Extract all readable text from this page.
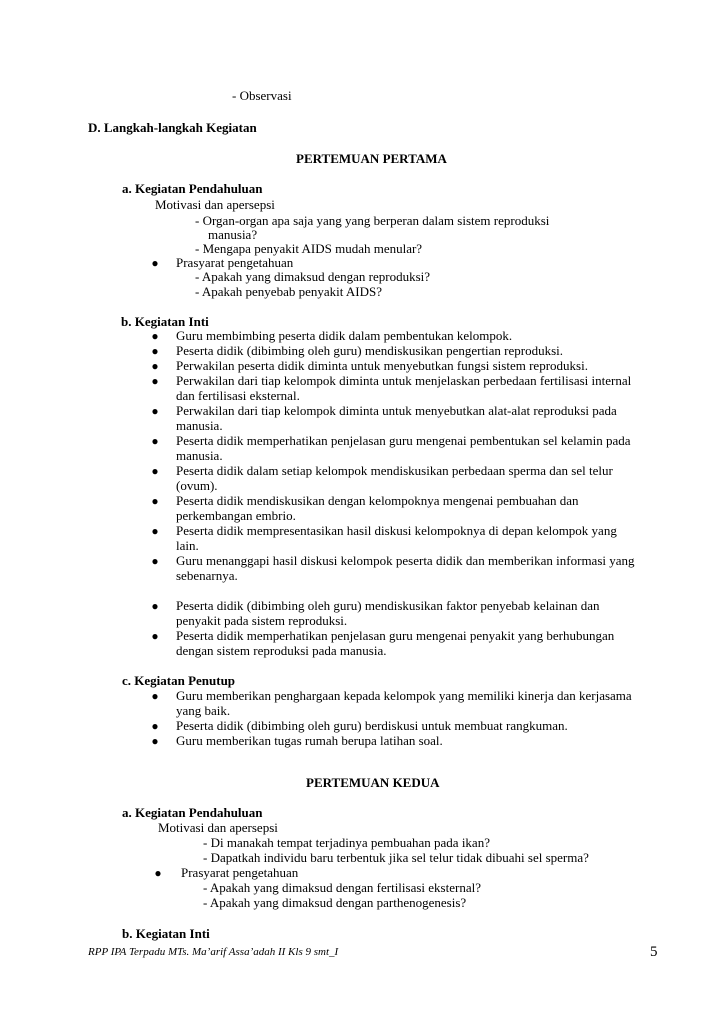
- Observasi
D. Langkah-langkah Kegiatan
PERTEMUAN PERTAMA
a. Kegiatan Pendahuluan
Motivasi dan apersepsi
- Organ-organ apa saja yang yang berperan dalam sistem reproduksi
manusia?
- Mengapa penyakit AIDS mudah menular?
●	Prasyarat pengetahuan
- Apakah yang dimaksud dengan reproduksi?
- Apakah penyebab penyakit AIDS?
b. Kegiatan Inti
●	Guru membimbing peserta didik dalam pembentukan kelompok.
●	Peserta didik (dibimbing oleh guru) mendiskusikan pengertian reproduksi.
●	Perwakilan peserta didik diminta untuk menyebutkan fungsi sistem reproduksi.
●	Perwakilan dari tiap kelompok diminta untuk menjelaskan perbedaan fertilisasi internal
dan fertilisasi eksternal.
●	Perwakilan dari tiap kelompok diminta untuk menyebutkan alat-alat reproduksi pada
manusia.
●	Peserta didik memperhatikan penjelasan guru mengenai pembentukan sel kelamin pada
manusia.
●	Peserta didik dalam setiap kelompok mendiskusikan perbedaan sperma dan sel telur
(ovum).
●	Peserta didik mendiskusikan dengan kelompoknya mengenai pembuahan dan
perkembangan embrio.
●	Peserta didik mempresentasikan hasil diskusi kelompoknya di depan kelompok yang
lain.
●	Guru menanggapi hasil diskusi kelompok peserta didik dan memberikan informasi yang
sebenarnya.
●	Peserta didik (dibimbing oleh guru) mendiskusikan faktor penyebab kelainan dan
penyakit pada sistem reproduksi.
●	Peserta didik memperhatikan penjelasan guru mengenai penyakit yang berhubungan
dengan sistem reproduksi pada manusia.
c. Kegiatan Penutup
●	Guru memberikan penghargaan kepada kelompok yang memiliki kinerja dan kerjasama
yang baik.
●	Peserta didik (dibimbing oleh guru) berdiskusi untuk membuat rangkuman.
●	Guru memberikan tugas rumah berupa latihan soal.
PERTEMUAN KEDUA
a. Kegiatan Pendahuluan
Motivasi dan apersepsi
- Di manakah tempat terjadinya pembuahan pada ikan?
- Dapatkah individu baru terbentuk jika sel telur tidak dibuahi sel sperma?
●	Prasyarat pengetahuan
- Apakah yang dimaksud dengan fertilisasi eksternal?
- Apakah yang dimaksud dengan parthenogenesis?
b. Kegiatan Inti
RPP IPA Terpadu MTs. Ma’arif Assa’adah II Kls 9 smt_I	5
